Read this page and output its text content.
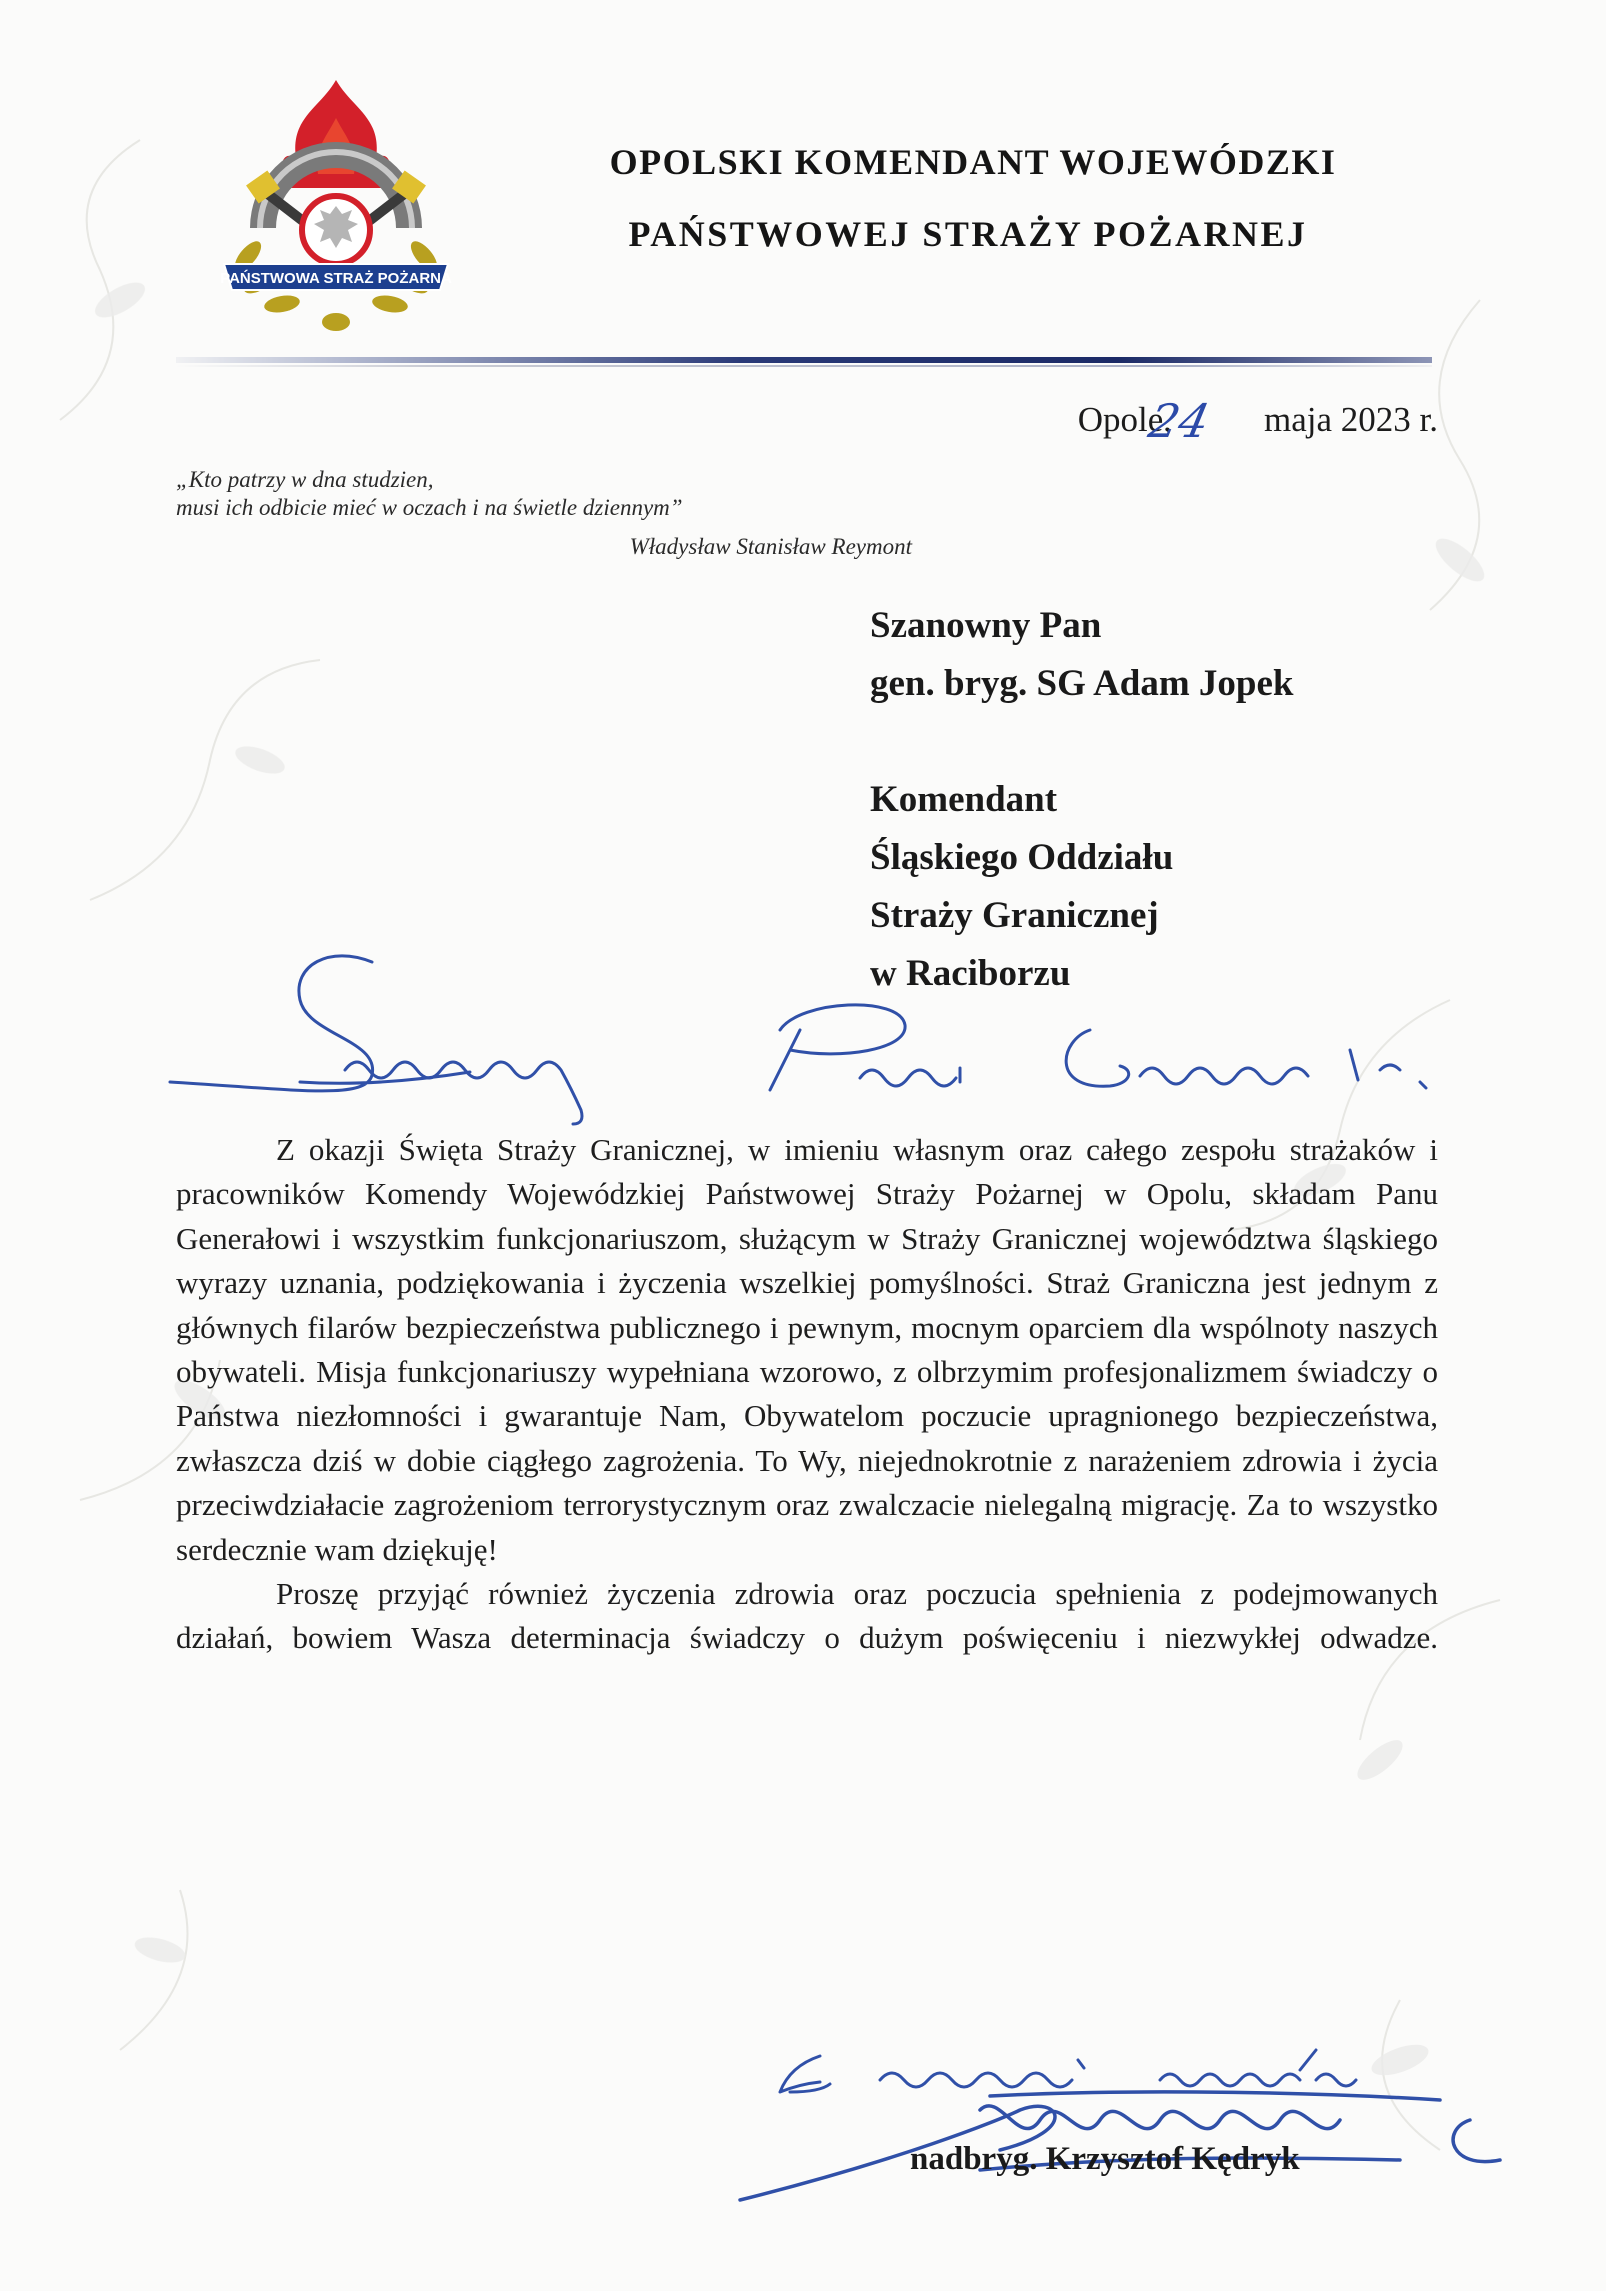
PAŃSTWOWA STRAŻ POŻARNA
OPOLSKI KOMENDANT WOJEWÓDZKI
PAŃSTWOWEJ STRAŻY POŻARNEJ
Opole,	maja 2023 r.
24
„Kto patrzy w dna studzien,
musi ich odbicie mieć w oczach i na świetle dziennym”
Władysław Stanisław Reymont
Szanowny Pan
gen. bryg. SG Adam Jopek
Komendant
Śląskiego Oddziału
Straży Granicznej
w Raciborzu

Z okazji Święta Straży Granicznej, w imieniu własnym oraz całego zespołu strażaków i pracowników Komendy Wojewódzkiej Państwowej Straży Pożarnej w Opolu, składam Panu Generałowi i wszystkim funkcjonariuszom, służącym w Straży Granicznej województwa śląskiego wyrazy uznania, podziękowania i życzenia wszelkiej pomyślności. Straż Graniczna jest jednym z głównych filarów bezpieczeństwa publicznego i pewnym, mocnym oparciem dla wspólnoty naszych obywateli. Misja funkcjonariuszy wypełniana wzorowo, z olbrzymim profesjonalizmem świadczy o Państwa niezłomności i gwarantuje Nam, Obywatelom poczucie upragnionego bezpieczeństwa, zwłaszcza dziś w dobie ciągłego zagrożenia. To Wy, niejednokrotnie z narażeniem zdrowia i życia przeciwdziałacie zagrożeniom terrorystycznym oraz zwalczacie nielegalną migrację. Za to wszystko serdecznie wam dziękuję!

Proszę przyjąć również życzenia zdrowia oraz poczucia spełnienia z podejmowanych działań, bowiem Wasza determinacja świadczy o dużym poświęceniu i niezwykłej odwadze.

nadbryg. Krzysztof Kędryk
